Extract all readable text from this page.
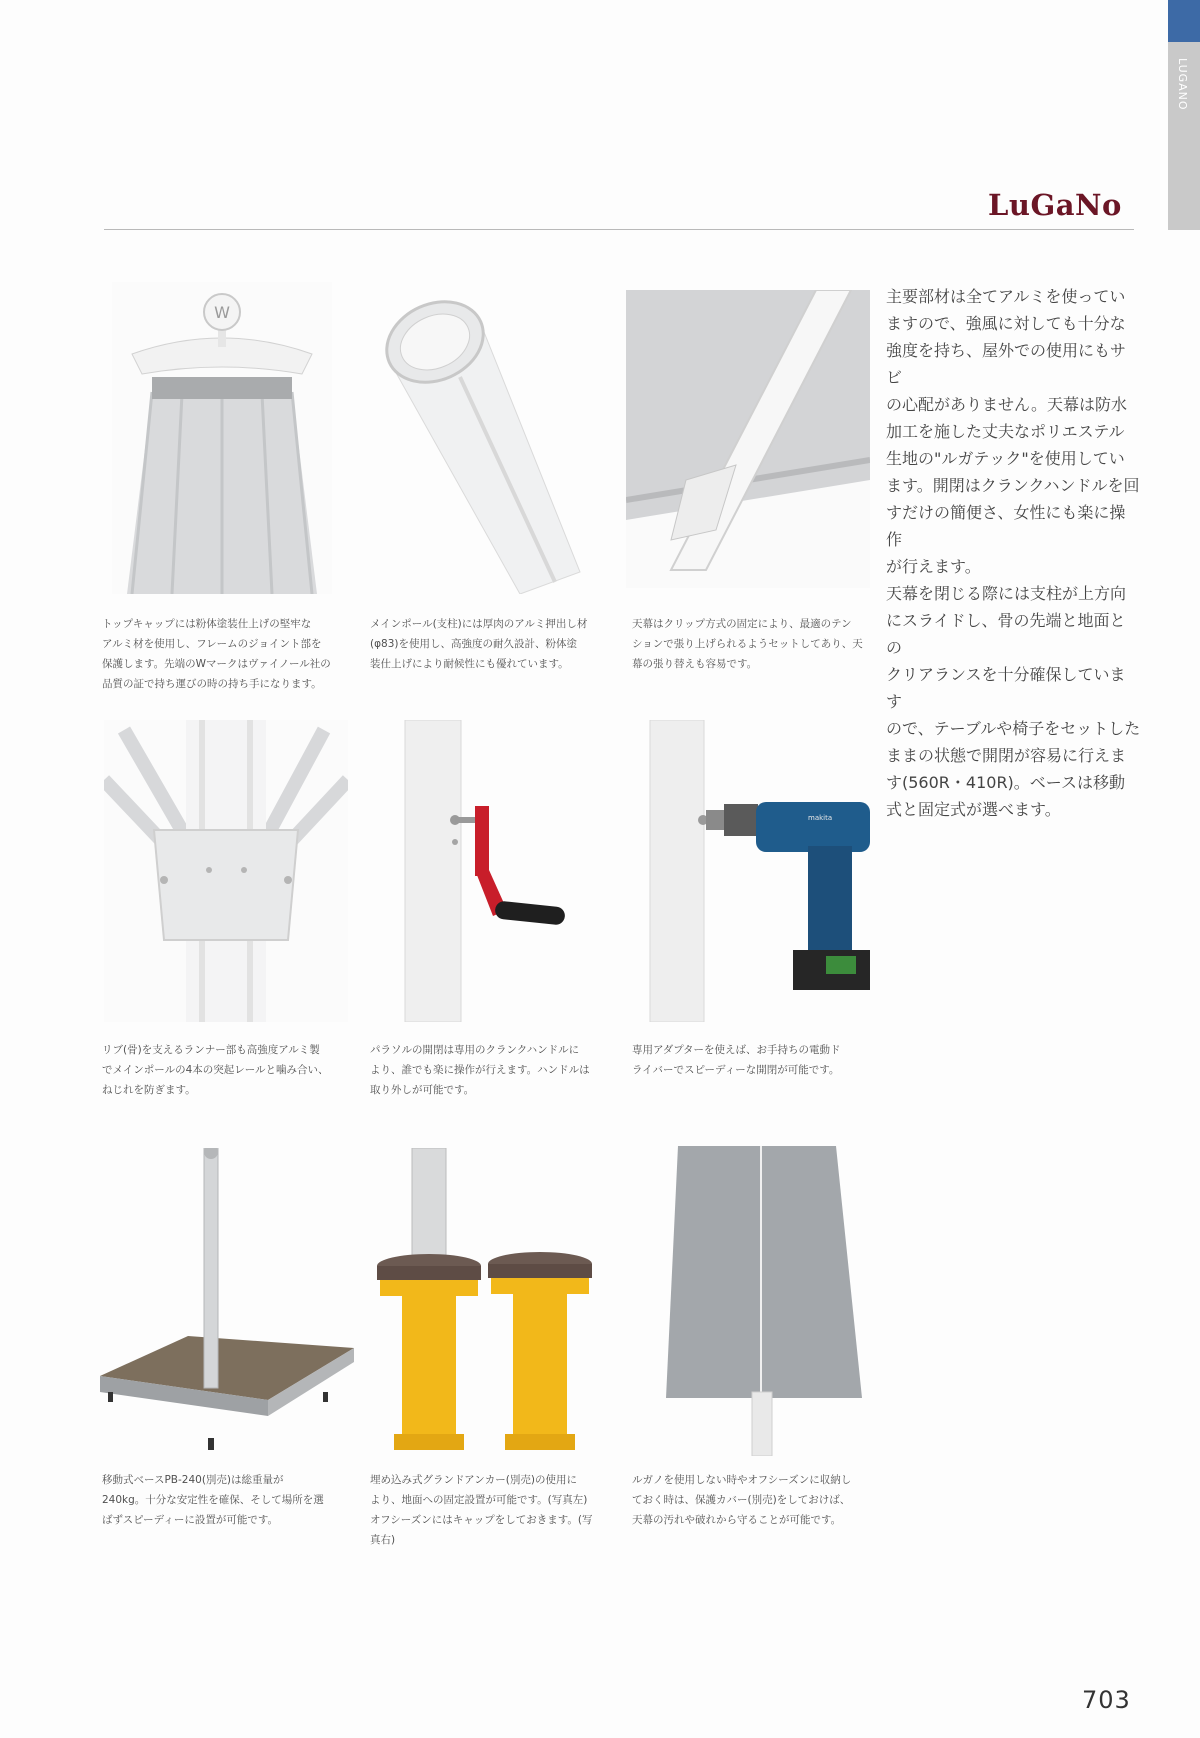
LUGANO
LuGaNo
W
makita

トップキャップには粉体塗装仕上げの堅牢な
アルミ材を使用し、フレームのジョイント部を
保護します。先端のWマークはヴァイノール社の
品質の証で持ち運びの時の持ち手になります。

メインポール(支柱)には厚肉のアルミ押出し材
(φ83)を使用し、高強度の耐久設計、粉体塗
装仕上げにより耐候性にも優れています。

天幕はクリップ方式の固定により、最適のテン
ションで張り上げられるようセットしてあり、天
幕の張り替えも容易です。

リブ(骨)を支えるランナー部も高強度アルミ製
でメインポールの4本の突起レールと噛み合い、
ねじれを防ぎます。

パラソルの開閉は専用のクランクハンドルに
より、誰でも楽に操作が行えます。ハンドルは
取り外しが可能です。

専用アダプターを使えば、お手持ちの電動ド
ライバーでスピーディーな開閉が可能です。

移動式ベースPB-240(別売)は総重量が
240kg。十分な安定性を確保、そして場所を選
ばずスピーディーに設置が可能です。

埋め込み式グランドアンカー(別売)の使用に
より、地面への固定設置が可能です。(写真左)
オフシーズンにはキャップをしておきます。(写
真右)

ルガノを使用しない時やオフシーズンに収納し
ておく時は、保護カバー(別売)をしておけば、
天幕の汚れや破れから守ることが可能です。

主要部材は全てアルミを使ってい
ますので、強風に対しても十分な
強度を持ち、屋外での使用にもサビ
の心配がありません。天幕は防水
加工を施した丈夫なポリエステル
生地の"ルガテック"を使用してい
ます。開閉はクランクハンドルを回
すだけの簡便さ、女性にも楽に操作
が行えます。
天幕を閉じる際には支柱が上方向
にスライドし、骨の先端と地面との
クリアランスを十分確保しています
ので、テーブルや椅子をセットした
ままの状態で開閉が容易に行えま
す(560R・410R)。ベースは移動
式と固定式が選べます。

703
